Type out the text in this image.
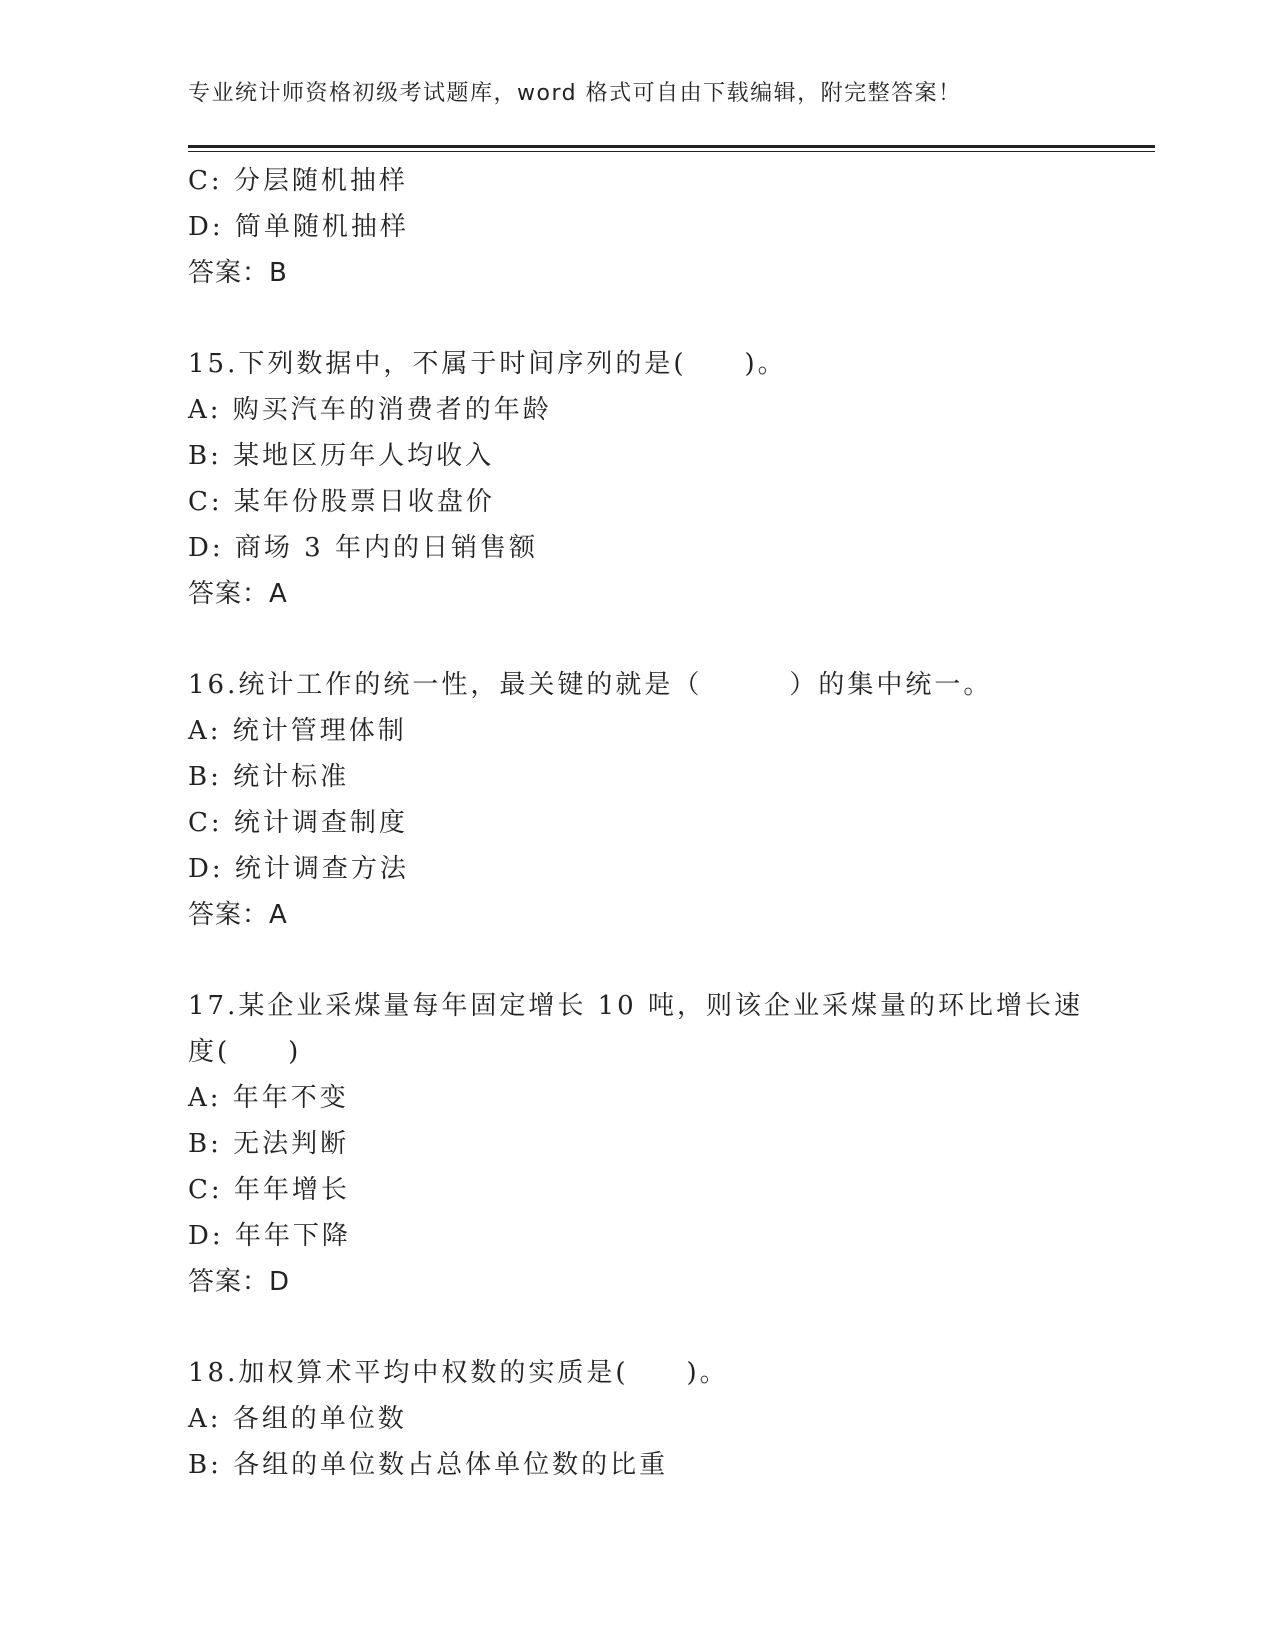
专业统计师资格初级考试题库，word 格式可自由下载编辑，附完整答案！
C: 分层随机抽样
D: 简单随机抽样
答案：B
15.下列数据中，不属于时间序列的是(　　)。
A: 购买汽车的消费者的年龄
B: 某地区历年人均收入
C: 某年份股票日收盘价
D: 商场 3 年内的日销售额
答案：A
16.统计工作的统一性，最关键的就是（　　　）的集中统一。
A: 统计管理体制
B: 统计标准
C: 统计调查制度
D: 统计调查方法
答案：A
17.某企业采煤量每年固定增长 10 吨，则该企业采煤量的环比增长速
度(　　)
A: 年年不变
B: 无法判断
C: 年年增长
D: 年年下降
答案：D
18.加权算术平均中权数的实质是(　　)。
A: 各组的单位数
B: 各组的单位数占总体单位数的比重
